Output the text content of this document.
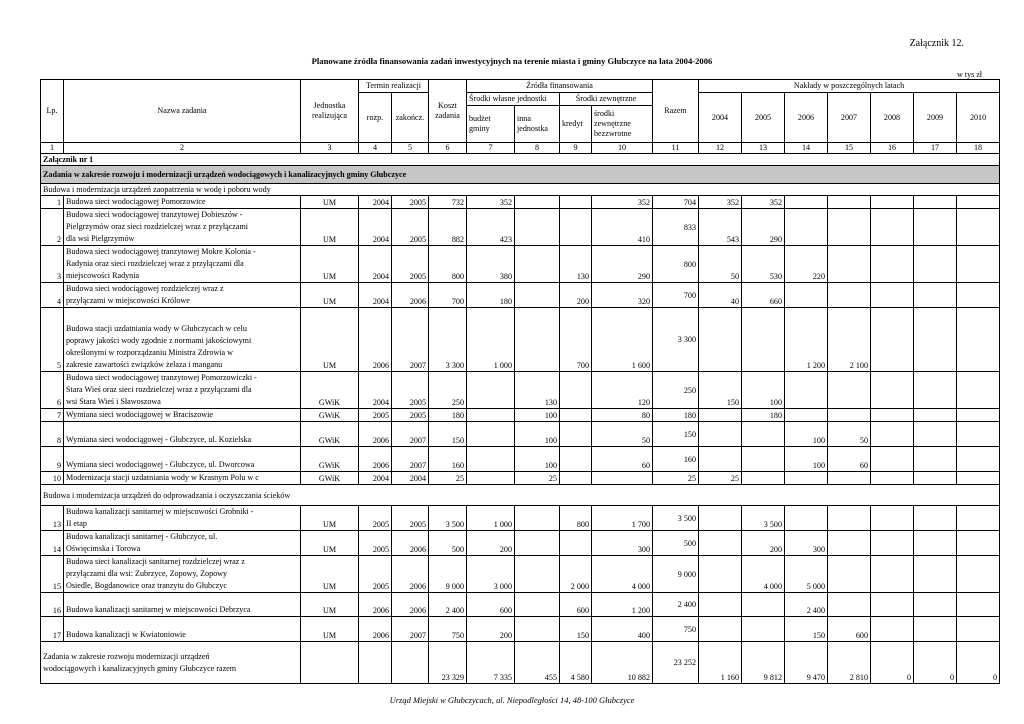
Załącznik 12.
Planowane źródła finansowania zadań inwestycyjnych na terenie miasta i gminy Głubczyce na lata 2004-2006
w tys zł
Lp.	Nazwa zadania	Jednostka realizująca	Termin realizacji		Koszt zadania	Źródła finansowania				Razem	Nakłady w poszczególnych latach						
			rozp.	zakończ.		Środki własne jednostki		Środki zewnętrzne			2004	2005	2006	2007	2008	2009	2010
						budżet gminy	inna jednostka	kredyt	środki zewnętrzne bezzwrotne								
1	2	3	4	5	6	7	8	9	10	11	12	13	14	15	16	17	18
Załącznik nr 1																	
Zadania w zakresie rozwoju i modernizacji urządzeń wodociągowych i kanalizacyjnych gminy Głubczyce																	
Budowa i modernizacja urządzeń zaopatrzenia w wodę i poboru wody																	
1	Budowa sieci wodociągowej Pomorzowice	UM	2004	2005	732	352			352	704	352	352					
2	Budowa sieci wodociągowej tranzytowej Dobieszów -
Pielgrzymów oraz sieci rozdzielczej wraz z przyłączami
dla wsi Pielgrzymów	UM	2004	2005	882	423			410	833	543	290					
3	Budowa sieci wodociągowej tranzytowej Mokre Kolonia -
Radynia oraz sieci rozdzielczej wraz z przyłączami dla
miejscowości Radynia	UM	2004	2005	800	380		130	290	800	50	530	220				
4	Budowa sieci wodociągowej rozdzielczej wraz z
przyłączami w miejscowości Królowe	UM	2004	2006	700	180		200	320	700	40	660					
5	Budowa stacji uzdatniania wody w Głubczycach w celu
poprawy jakości wody zgodnie z normami jakościowymi
określonymi w rozporządzaniu Ministra Zdrowia w
zakresie zawartości związków żelaza i manganu	UM	2006	2007	3 300	1 000		700	1 600	3 300			1 200	2 100			
6	Budowa sieci wodociągowej tranzytowej Pomorzowiczki -
Stara Wieś oraz sieci rozdzielczej wraz z przyłączami dla
wsi Stara Wieś i Sławoszowa	GWiK	2004	2005	250		130		120	250	150	100					
7	Wymiana sieci wodociągowej w Braciszowie	GWiK	2005	2005	180		100		80	180		180					
8	Wymiana sieci wodociągowej - Głubczyce, ul. Kozielska	GWiK	2006	2007	150		100		50	150			100	50			
9	Wymiana sieci wodociągowej - Głubczyce, ul. Dworcowa	GWiK	2006	2007	160		100		60	160			100	60			
10	Modernizacja stacji uzdatniania wody w Krasnym Polu w c	GWiK	2004	2004	25		25			25	25						
Budowa i modernizacja urządzeń do odprowadzania i oczyszczania ścieków																	
13	Budowa kanalizacji sanitarnej w miejscowości Grobniki -
II etap	UM	2005	2005	3 500	1 000		800	1 700	3 500		3 500					
14	Budowa kanalizacji sanitarnej - Głubczyce, ul.
Oświęcimska i Torowa	UM	2005	2006	500	200			300	500		200	300				
15	Budowa sieci kanalizacji sanitarnej rozdzielczej wraz z
przyłączami dla wsi: Zubrzyce, Zopowy, Zopowy
Osiedle, Bogdanowice oraz tranzytu do Głubczyc	UM	2005	2006	9 000	3 000		2 000	4 000	9 000		4 000	5 000				
16	Budowa kanalizacji sanitarnej w miejscowości Debrzyca	UM	2006	2006	2 400	600		600	1 200	2 400			2 400				
17	Budowa kanalizacji w Kwiatoniowie	UM	2006	2007	750	200		150	400	750			150	600			
Zadania w zakresie rozwoju modernizacji urządzeń
wodociągowych i kanalizacyjnych gminy Głubczyce razem					23 329	7 335	455	4 580	10 882	23 252	1 160	9 812	9 470	2 810	0	0	0
Urząd Miejski w Głubczycach, ul. Niepodległości 14, 48-100 Głubczyce
